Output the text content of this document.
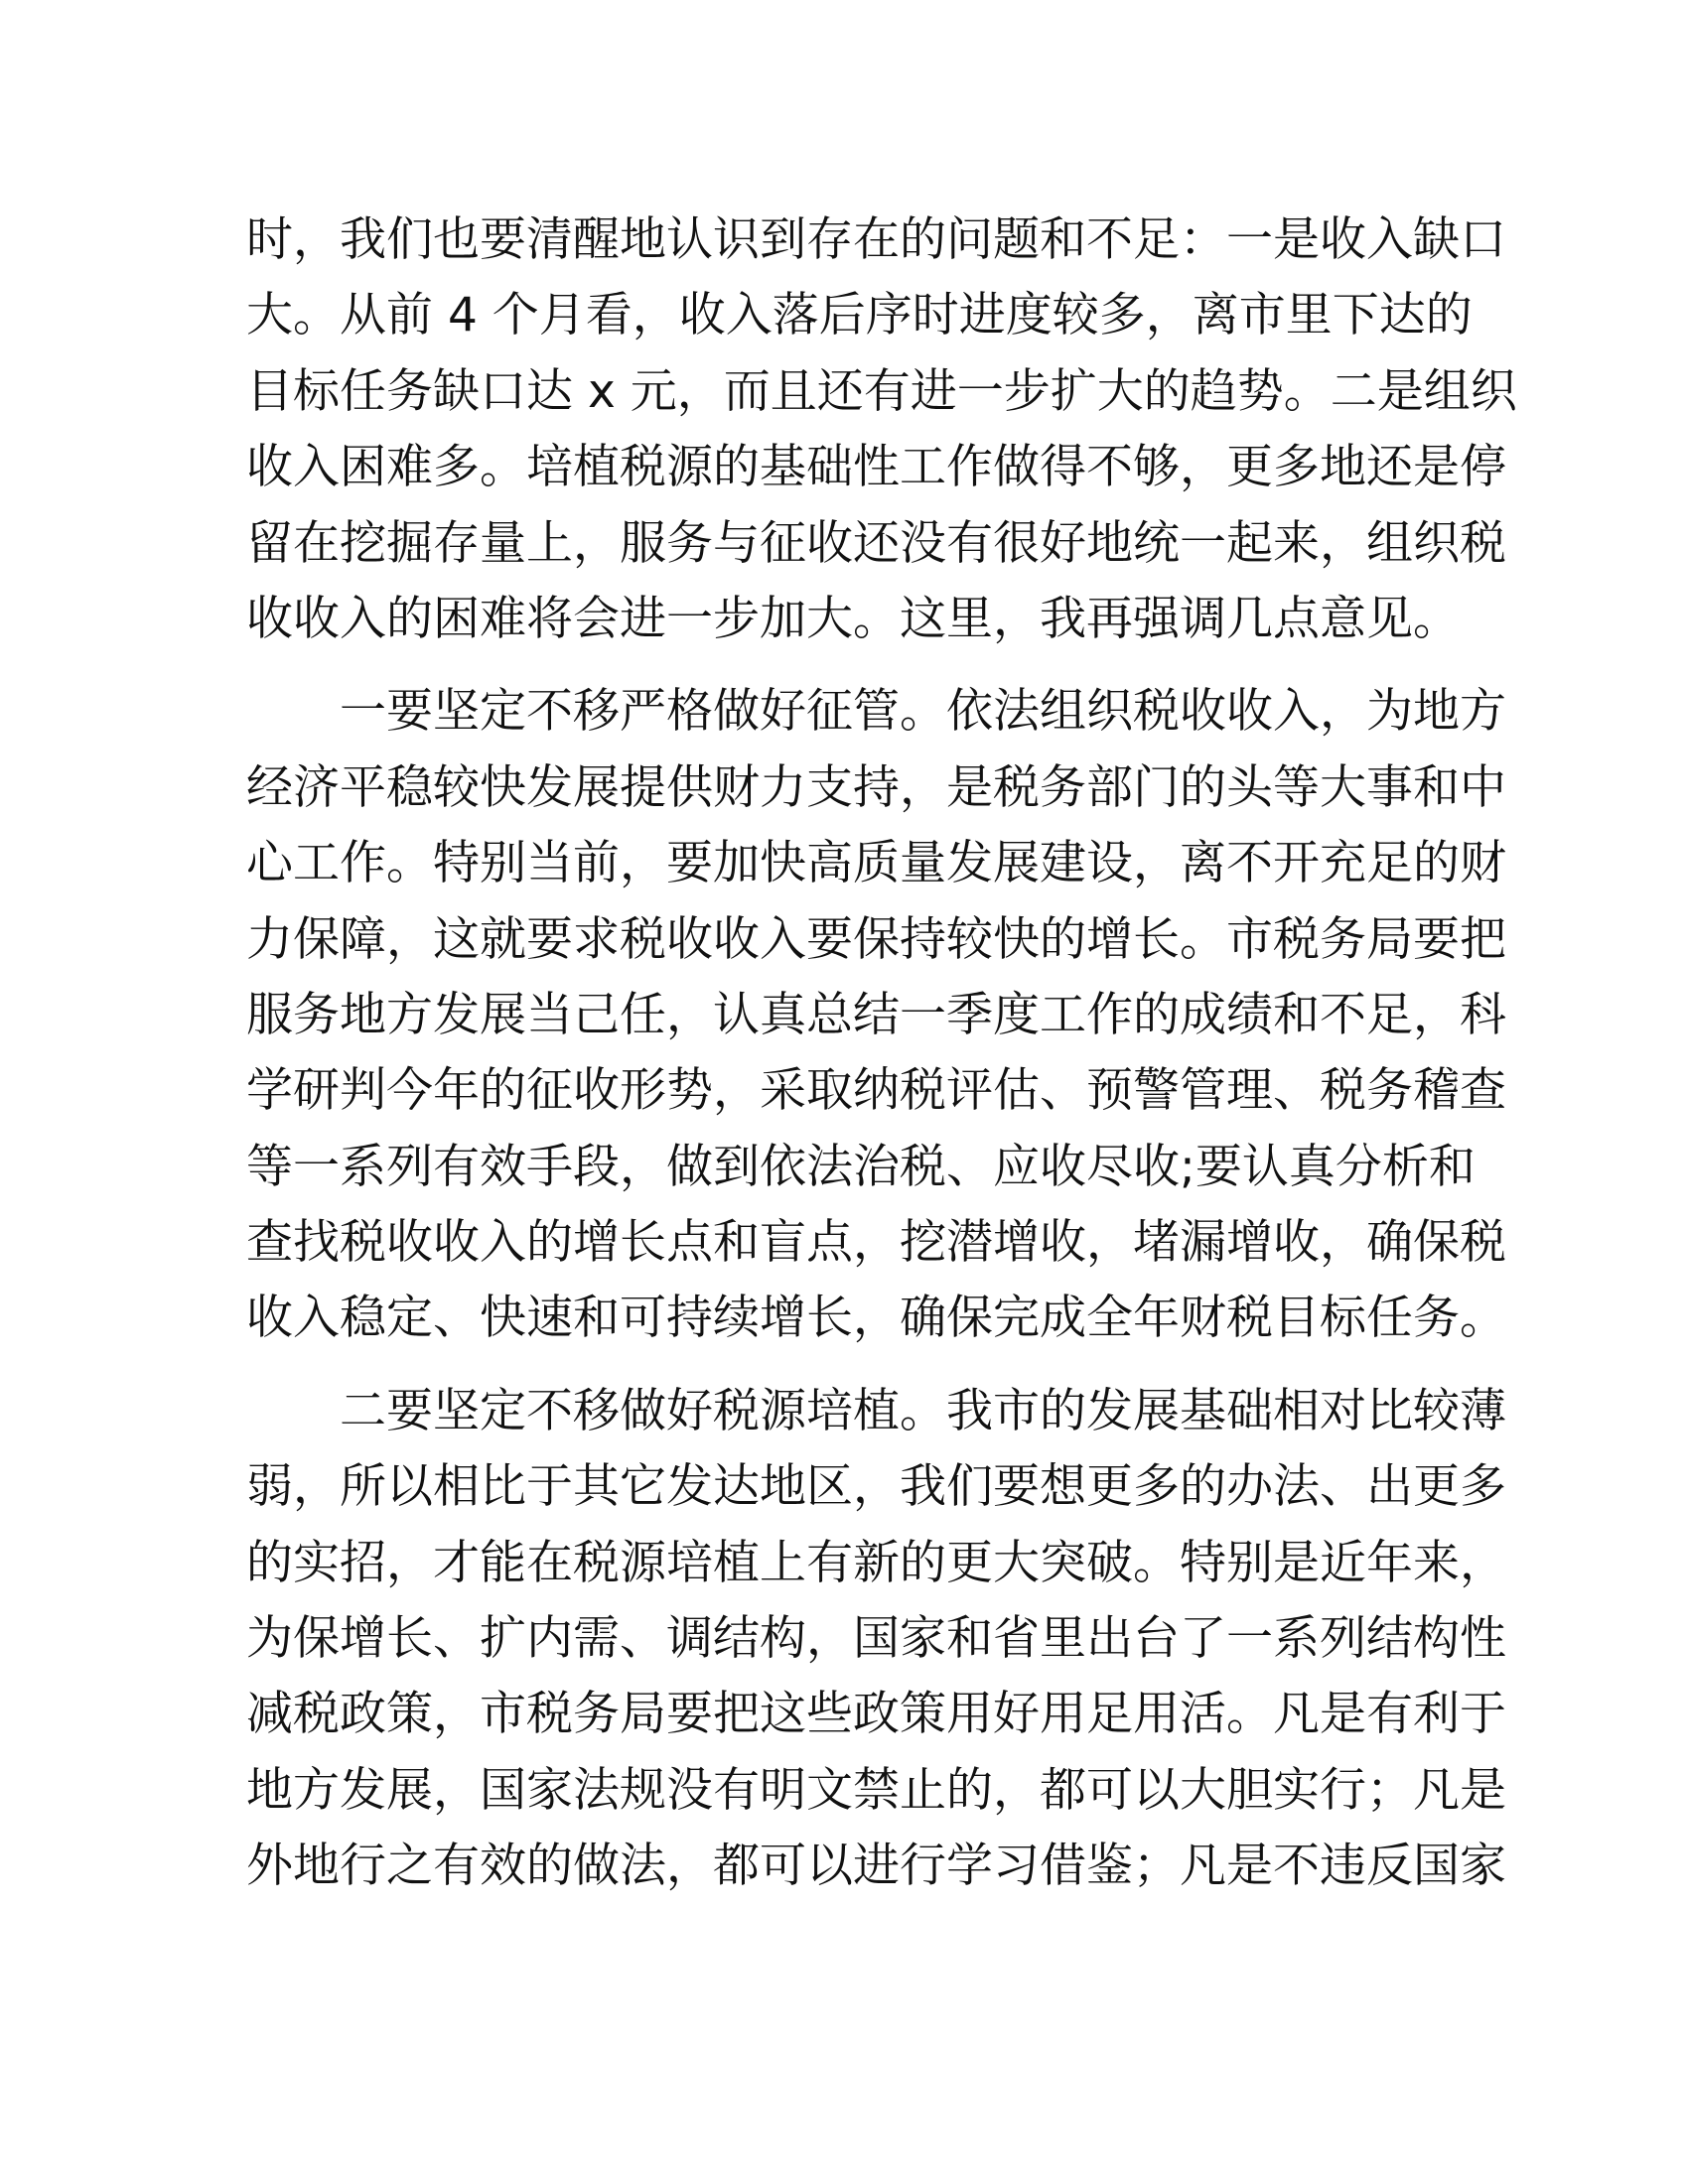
时，我们也要清醒地认识到存在的问题和不足：一是收入缺口
大。从前 4 个月看，收入落后序时进度较多，离市里下达的
目标任务缺口达 x 元，而且还有进一步扩大的趋势。二是组织
收入困难多。培植税源的基础性工作做得不够，更多地还是停
留在挖掘存量上，服务与征收还没有很好地统一起来，组织税
收收入的困难将会进一步加大。这里，我再强调几点意见。
一要坚定不移严格做好征管。依法组织税收收入，为地方
经济平稳较快发展提供财力支持，是税务部门的头等大事和中
心工作。特别当前，要加快高质量发展建设，离不开充足的财
力保障，这就要求税收收入要保持较快的增长。市税务局要把
服务地方发展当己任，认真总结一季度工作的成绩和不足，科
学研判今年的征收形势，采取纳税评估、预警管理、税务稽查
等一系列有效手段，做到依法治税、应收尽收;要认真分析和
查找税收收入的增长点和盲点，挖潜增收，堵漏增收，确保税
收入稳定、快速和可持续增长，确保完成全年财税目标任务。
二要坚定不移做好税源培植。我市的发展基础相对比较薄
弱，所以相比于其它发达地区，我们要想更多的办法、出更多
的实招，才能在税源培植上有新的更大突破。特别是近年来，
为保增长、扩内需、调结构，国家和省里出台了一系列结构性
减税政策，市税务局要把这些政策用好用足用活。凡是有利于
地方发展，国家法规没有明文禁止的，都可以大胆实行；凡是
外地行之有效的做法，都可以进行学习借鉴；凡是不违反国家
